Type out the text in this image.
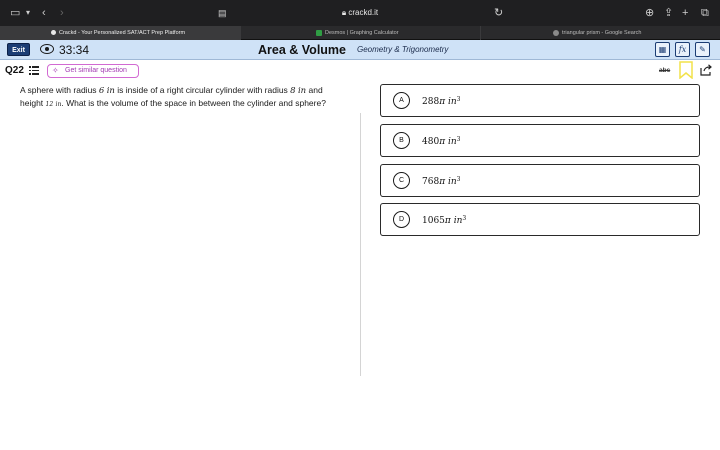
▭ ▾ ‹ ›	▤	🔒︎ crackd.it	↻	⊕ ⇪ + ⧉
Crackd - Your Personalized SAT/ACT Prep Platform	Desmos | Graphing Calculator	triangular prism - Google Search
Exit	33:34	Area & Volume Geometry & Trigonometry	▦	fx	✎
Q22	✧ Get similar question	abc
A sphere with radius 6 in is inside of a right circular cylinder with radius 8 in and height 12 in. What is the volume of the space in between the cylinder and sphere?	A	288π $in^3$
B	480π $in^3$
C	768π $in^3$
D	1065π $in^3$
